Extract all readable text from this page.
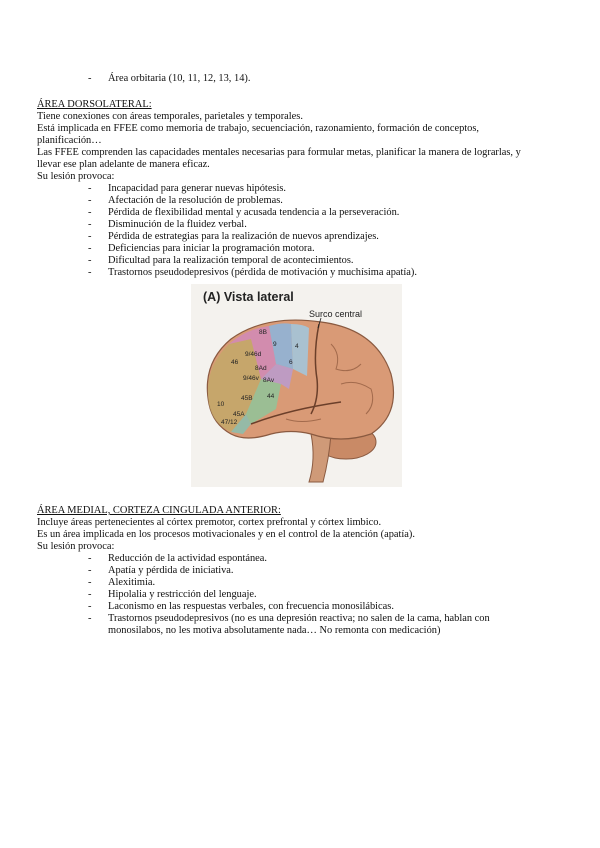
- Área orbitaria (10, 11, 12, 13, 14).
ÁREA DORSOLATERAL:
Tiene conexiones con áreas temporales, parietales y temporales.
Está implicada en FFEE como memoria de trabajo, secuenciación, razonamiento, formación de conceptos,
planificación…
Las FFEE comprenden las capacidades mentales necesarias para formular metas, planificar la manera de lograrlas, y
llevar ese plan adelante de manera eficaz.
Su lesión provoca:
- Incapacidad para generar nuevas hipótesis.
- Afectación de la resolución de problemas.
- Pérdida de flexibilidad mental y acusada tendencia a la perseveración.
- Disminución de la fluidez verbal.
- Pérdida de estrategias para la realización de nuevos aprendizajes.
- Deficiencias para iniciar la programación motora.
- Dificultad para la realización temporal de acontecimientos.
- Trastornos pseudodepresivos (pérdida de motivación y muchísima apatía).
8B
9	4
6
46
9/46d
8Ad
9/46v 8Av
44
10
45B
45A
47/12
(A) Vista lateral
Surco central
ÁREA MEDIAL, CORTEZA CINGULADA ANTERIOR:
Incluye áreas pertenecientes al córtex premotor, cortex prefrontal y córtex limbico.
Es un área implicada en los procesos motivacionales y en el control de la atención (apatía).
Su lesión provoca:
- Reducción de la actividad espontánea.
- Apatía y pérdida de iniciativa.
- Alexitimia.
- Hipolalia y restricción del lenguaje.
- Laconismo en las respuestas verbales, con frecuencia monosilábicas.
- Trastornos pseudodepresivos (no es una depresión reactiva; no salen de la cama, hablan con
monosilabos, no les motiva absolutamente nada… No remonta con medicación)
